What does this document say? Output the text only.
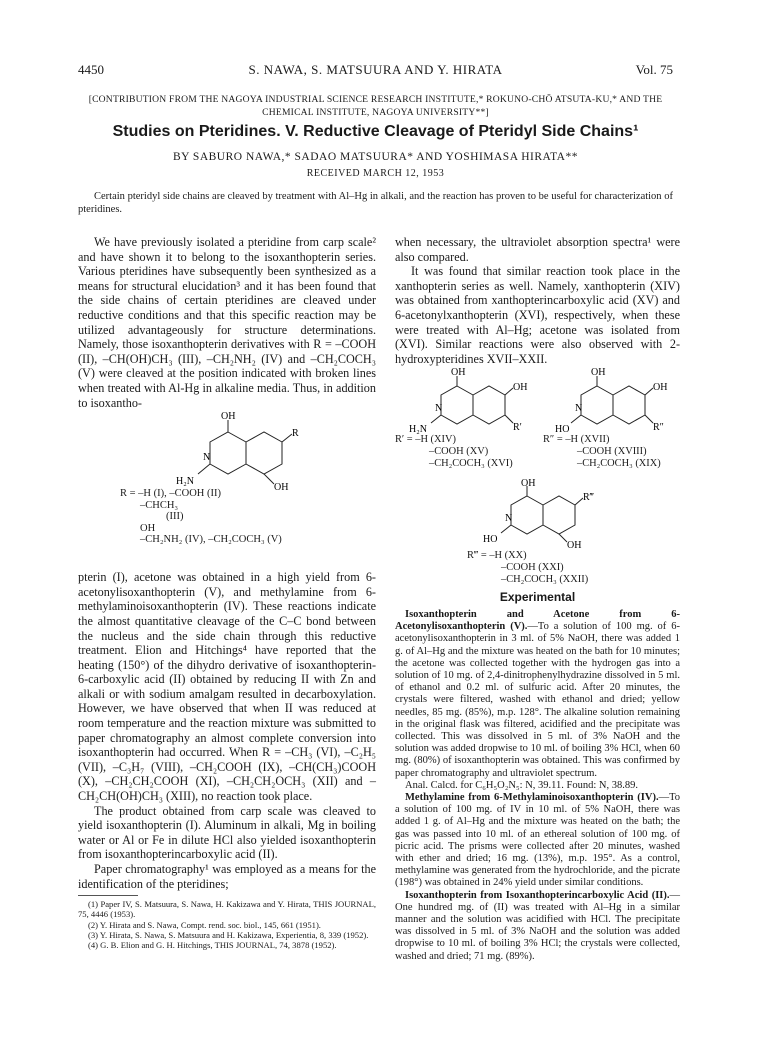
4450	S. NAWA, S. MATSUURA AND Y. HIRATA	Vol. 75
[CONTRIBUTION FROM THE NAGOYA INDUSTRIAL SCIENCE RESEARCH INSTITUTE,* ROKUNO-CHŌ ATSUTA-KU,* AND THE CHEMICAL INSTITUTE, NAGOYA UNIVERSITY**]
Studies on Pteridines. V. Reductive Cleavage of Pteridyl Side Chains¹
BY SABURO NAWA,* SADAO MATSUURA* AND YOSHIMASA HIRATA**
RECEIVED MARCH 12, 1953
Certain pteridyl side chains are cleaved by treatment with Al–Hg in alkali, and the reaction has proven to be useful for characterization of pteridines.

We have previously isolated a pteridine from carp scale² and have shown it to belong to the isoxanthopterin series. Various pteridines have subsequently been synthesized as a means for structural elucidation³ and it has been found that the side chains of certain pteridines are cleaved under reductive conditions and that this specific reaction may be utilized advantageously for structure determinations. Namely, those isoxanthopterin derivatives with R = –COOH (II), –CH(OH)CH₃ (III), –CH₂NH₂ (IV) and –CH₂COCH₃ (V) were cleaved at the position indicated with broken lines when treated with Al-Hg in alkaline media. Thus, in addition to isoxantho-

OH
R
N
H₂N
OH
R = –H (I), –COOH (II)
–CHCH₃
(III)
OH
–CH₂NH₂ (IV), –CH₂COCH₃ (V)

pterin (I), acetone was obtained in a high yield from 6-acetonylisoxanthopterin (V), and methylamine from 6-methylaminoisoxanthopterin (IV). These reactions indicate the almost quantitative cleavage of the C–C bond between the nucleus and the side chain through this reductive treatment. Elion and Hitchings⁴ have reported that the heating (150°) of the dihydro derivative of isoxanthopterin-6-carboxylic acid (II) obtained by reducing II with Zn and alkali or with sodium amalgam resulted in decarboxylation. However, we have observed that when II was reduced at room temperature and the reaction mixture was submitted to paper chromatography an almost complete conversion into isoxanthopterin had occurred. When R = –CH₃ (VI), –C₂H₅ (VII), –C₃H₇ (VIII), –CH₂COOH (IX), –CH(CH₃)COOH (X), –CH₂CH₂COOH (XI), –CH₂CH₂OCH₃ (XII) and –CH₂CH(OH)CH₃ (XIII), no reaction took place.

The product obtained from carp scale was cleaved to yield isoxanthopterin (I). Aluminum in alkali, Mg in boiling water or Al or Fe in dilute HCl also yielded isoxanthopterin from isoxanthopterincarboxylic acid (II).

Paper chromatography¹ was employed as a means for the identification of the pteridines;

(1) Paper IV, S. Matsuura, S. Nawa, H. Kakizawa and Y. Hirata, THIS JOURNAL, 75, 4446 (1953).

(2) Y. Hirata and S. Nawa, Compt. rend. soc. biol., 145, 661 (1951).

(3) Y. Hirata, S. Nawa, S. Matsuura and H. Kakizawa, Experientia, 8, 339 (1952).

(4) G. B. Elion and G. H. Hitchings, THIS JOURNAL, 74, 3878 (1952).

when necessary, the ultraviolet absorption spectra¹ were also compared.

It was found that similar reaction took place in the xanthopterin series as well. Namely, xanthopterin (XIV) was obtained from xanthopterincarboxylic acid (XV) and 6-acetonylxanthopterin (XVI), respectively, when these were treated with Al–Hg; acetone was isolated from (XVI). Similar reactions were also observed with 2-hydroxypteridines XVII–XXII.

OH
OH
N
H₂N	R′
OH
OH
N
HO	R″
R′ = –H (XIV)
–COOH (XV)
–CH₂COCH₃ (XVI)
R″ = –H (XVII)
–COOH (XVIII)
–CH₂COCH₃ (XIX)
OH
R‴
N
HO
OH
R‴ = –H (XX)
–COOH (XXI)
–CH₂COCH₃ (XXII)
Experimental

Isoxanthopterin and Acetone from 6-Acetonylisoxanthopterin (V).—To a solution of 100 mg. of 6-acetonylisoxanthopterin in 3 ml. of 5% NaOH, there was added 1 g. of Al–Hg and the mixture was heated on the bath for 10 minutes; the acetone was collected together with the hydrogen gas into a solution of 10 mg. of 2,4-dinitrophenylhydrazine dissolved in 5 ml. of ethanol and 0.2 ml. of sulfuric acid. After 20 minutes, the crystals were filtered, washed with ethanol and dried; yellow needles, 85 mg. (85%), m.p. 128°. The alkaline solution remaining in the original flask was filtered, acidified and the precipitate was collected. This was dissolved in 5 ml. of 3% NaOH and the solution was added dropwise to 10 ml. of boiling 3% HCl, when 60 mg. (80%) of isoxanthopterin was obtained. This was confirmed by paper chromatography and ultraviolet spectrum.

Anal. Calcd. for C₆H₅O₂N₅: N, 39.11. Found: N, 38.89.

Methylamine from 6-Methylaminoisoxanthopterin (IV).—To a solution of 100 mg. of IV in 10 ml. of 5% NaOH, there was added 1 g. of Al–Hg and the mixture was heated on the bath; the gas was passed into 10 ml. of an ethereal solution of 100 mg. of picric acid. The prisms were collected after 20 minutes, washed with ether and dried; 16 mg. (13%), m.p. 195°. As a control, methylamine was generated from the hydrochloride, and the picrate (198°) was obtained in 24% yield under similar conditions.

Isoxanthopterin from Isoxanthopterincarboxylic Acid (II).—One hundred mg. of (II) was treated with Al–Hg in a similar manner and the solution was acidified with HCl. The precipitate was dissolved in 5 ml. of 3% NaOH and the solution was added dropwise to 10 ml. of boiling 3% HCl; the crystals were collected, washed and dried; 71 mg. (89%).
